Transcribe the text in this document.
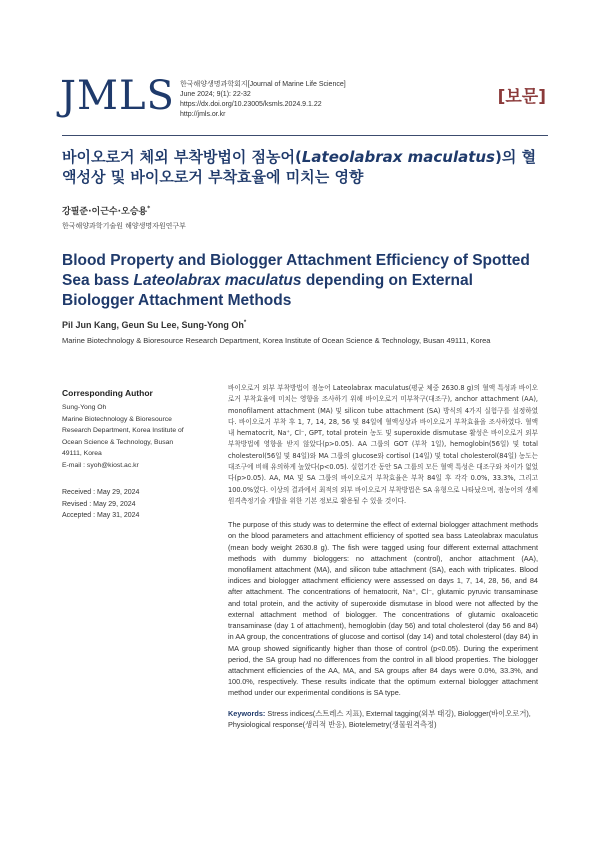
JMLS 한국해양생명과학회지[Journal of Marine Life Science]
June 2024; 9(1): 22-32
https://dx.doi.org/10.23005/ksmls.2024.9.1.22
http://jmls.or.kr
[보문]
바이오로거 체외 부착방법이 점농어(Lateolabrax maculatus)의 혈액성상 및 바이오로거 부착효율에 미치는 영향
강필준·이근수·오승용*
한국해양과학기술원 해양생명자원연구부
Blood Property and Biologger Attachment Efficiency of Spotted Sea bass Lateolabrax maculatus depending on External Biologger Attachment Methods
Pil Jun Kang, Geun Su Lee, Sung-Yong Oh*
Marine Biotechnology & Bioresource Research Department, Korea Institute of Ocean Science & Technology, Busan 49111, Korea
Corresponding Author
Sung-Yong Oh
Marine Biotechnology & Bioresource
Research Department, Korea Institute of
Ocean Science & Technology, Busan
49111, Korea
E-mail : syoh@kiost.ac.kr
Received : May 29, 2024
Revised : May 29, 2024
Accepted : May 31, 2024

바이오로거 외부 부착방법이 점농어 Lateolabrax maculatus(평균 체중 2630.8 g)의 혈액 특성과 바이오로거 부착효율에 미치는 영향을 조사하기 위해 바이오로거 미부착구(대조구), anchor attachment (AA), monofilament attachment (MA) 및 silicon tube attachment (SA) 방식의 4가지 실험구를 설정하였다. 바이오로거 부착 후 1, 7, 14, 28, 56 및 84일에 혈액성상과 바이오로거 부착효율을 조사하였다. 혈액 내 hematocrit, Na⁺, Cl⁻, GPT, total protein 농도 및 superoxide dismutase 활성은 바이오로거 외부 부착방법에 영향을 받지 않았다(p>0.05). AA 그룹의 GOT (부착 1일), hemoglobin(56일) 및 total cholesterol(56일 및 84일)와 MA 그룹의 glucose와 cortisol (14일) 및 total cholesterol(84일) 농도는 대조구에 비해 유의하게 높았다(p<0.05). 실험기간 동안 SA 그룹의 모든 혈액 특성은 대조구와 차이가 없었다(p>0.05). AA, MA 및 SA 그룹의 바이오로거 부착효율은 부착 84일 후 각각 0.0%, 33.3%, 그리고 100.0%였다. 이상의 결과에서 최적의 외부 바이오로거 부착방법은 SA 유형으로 나타났으며, 점농어의 생체원격측정기술 개발을 위한 기본 정보로 활용될 수 있을 것이다.

The purpose of this study was to determine the effect of external biologger attachment methods on the blood parameters and attachment efficiency of spotted sea bass Lateolabrax maculatus (mean body weight 2630.8 g). The fish were tagged using four different external attachment methods with dummy biologgers: no attachment (control), anchor attachment (AA), monofilament attachment (MA), and silicon tube attachment (SA), each with triplicates. Blood indices and biologger attachment efficiency were assessed on days 1, 7, 14, 28, 56, and 84 after attachment. The concentrations of hematocrit, Na⁺, Cl⁻, glutamic pyruvic transaminase and total protein, and the activity of superoxide dismutase in blood were not affected by the external attachment method of biologger. The concentrations of glutamic oxaloacetic transaminase (day 1 of attachment), hemoglobin (day 56) and total cholesterol (day 56 and 84) in AA group, the concentrations of glucose and cortisol (day 14) and total cholesterol (day 84) in MA group showed significantly higher than those of control (p<0.05). During the experiment period, the SA group had no differences from the control in all blood properties. The biologger attachment efficiencies of the AA, MA, and SA groups after 84 days were 0.0%, 33.3%, and 100.0%, respectively. These results indicate that the optimum external biologger attachment method under our experimental conditions is SA type.

Keywords: Stress indices(스트레스 지표), External tagging(외부 태깅), Biologger(바이오로거), Physiological response(생리적 반응), Biotelemetry(생물원격측정)
